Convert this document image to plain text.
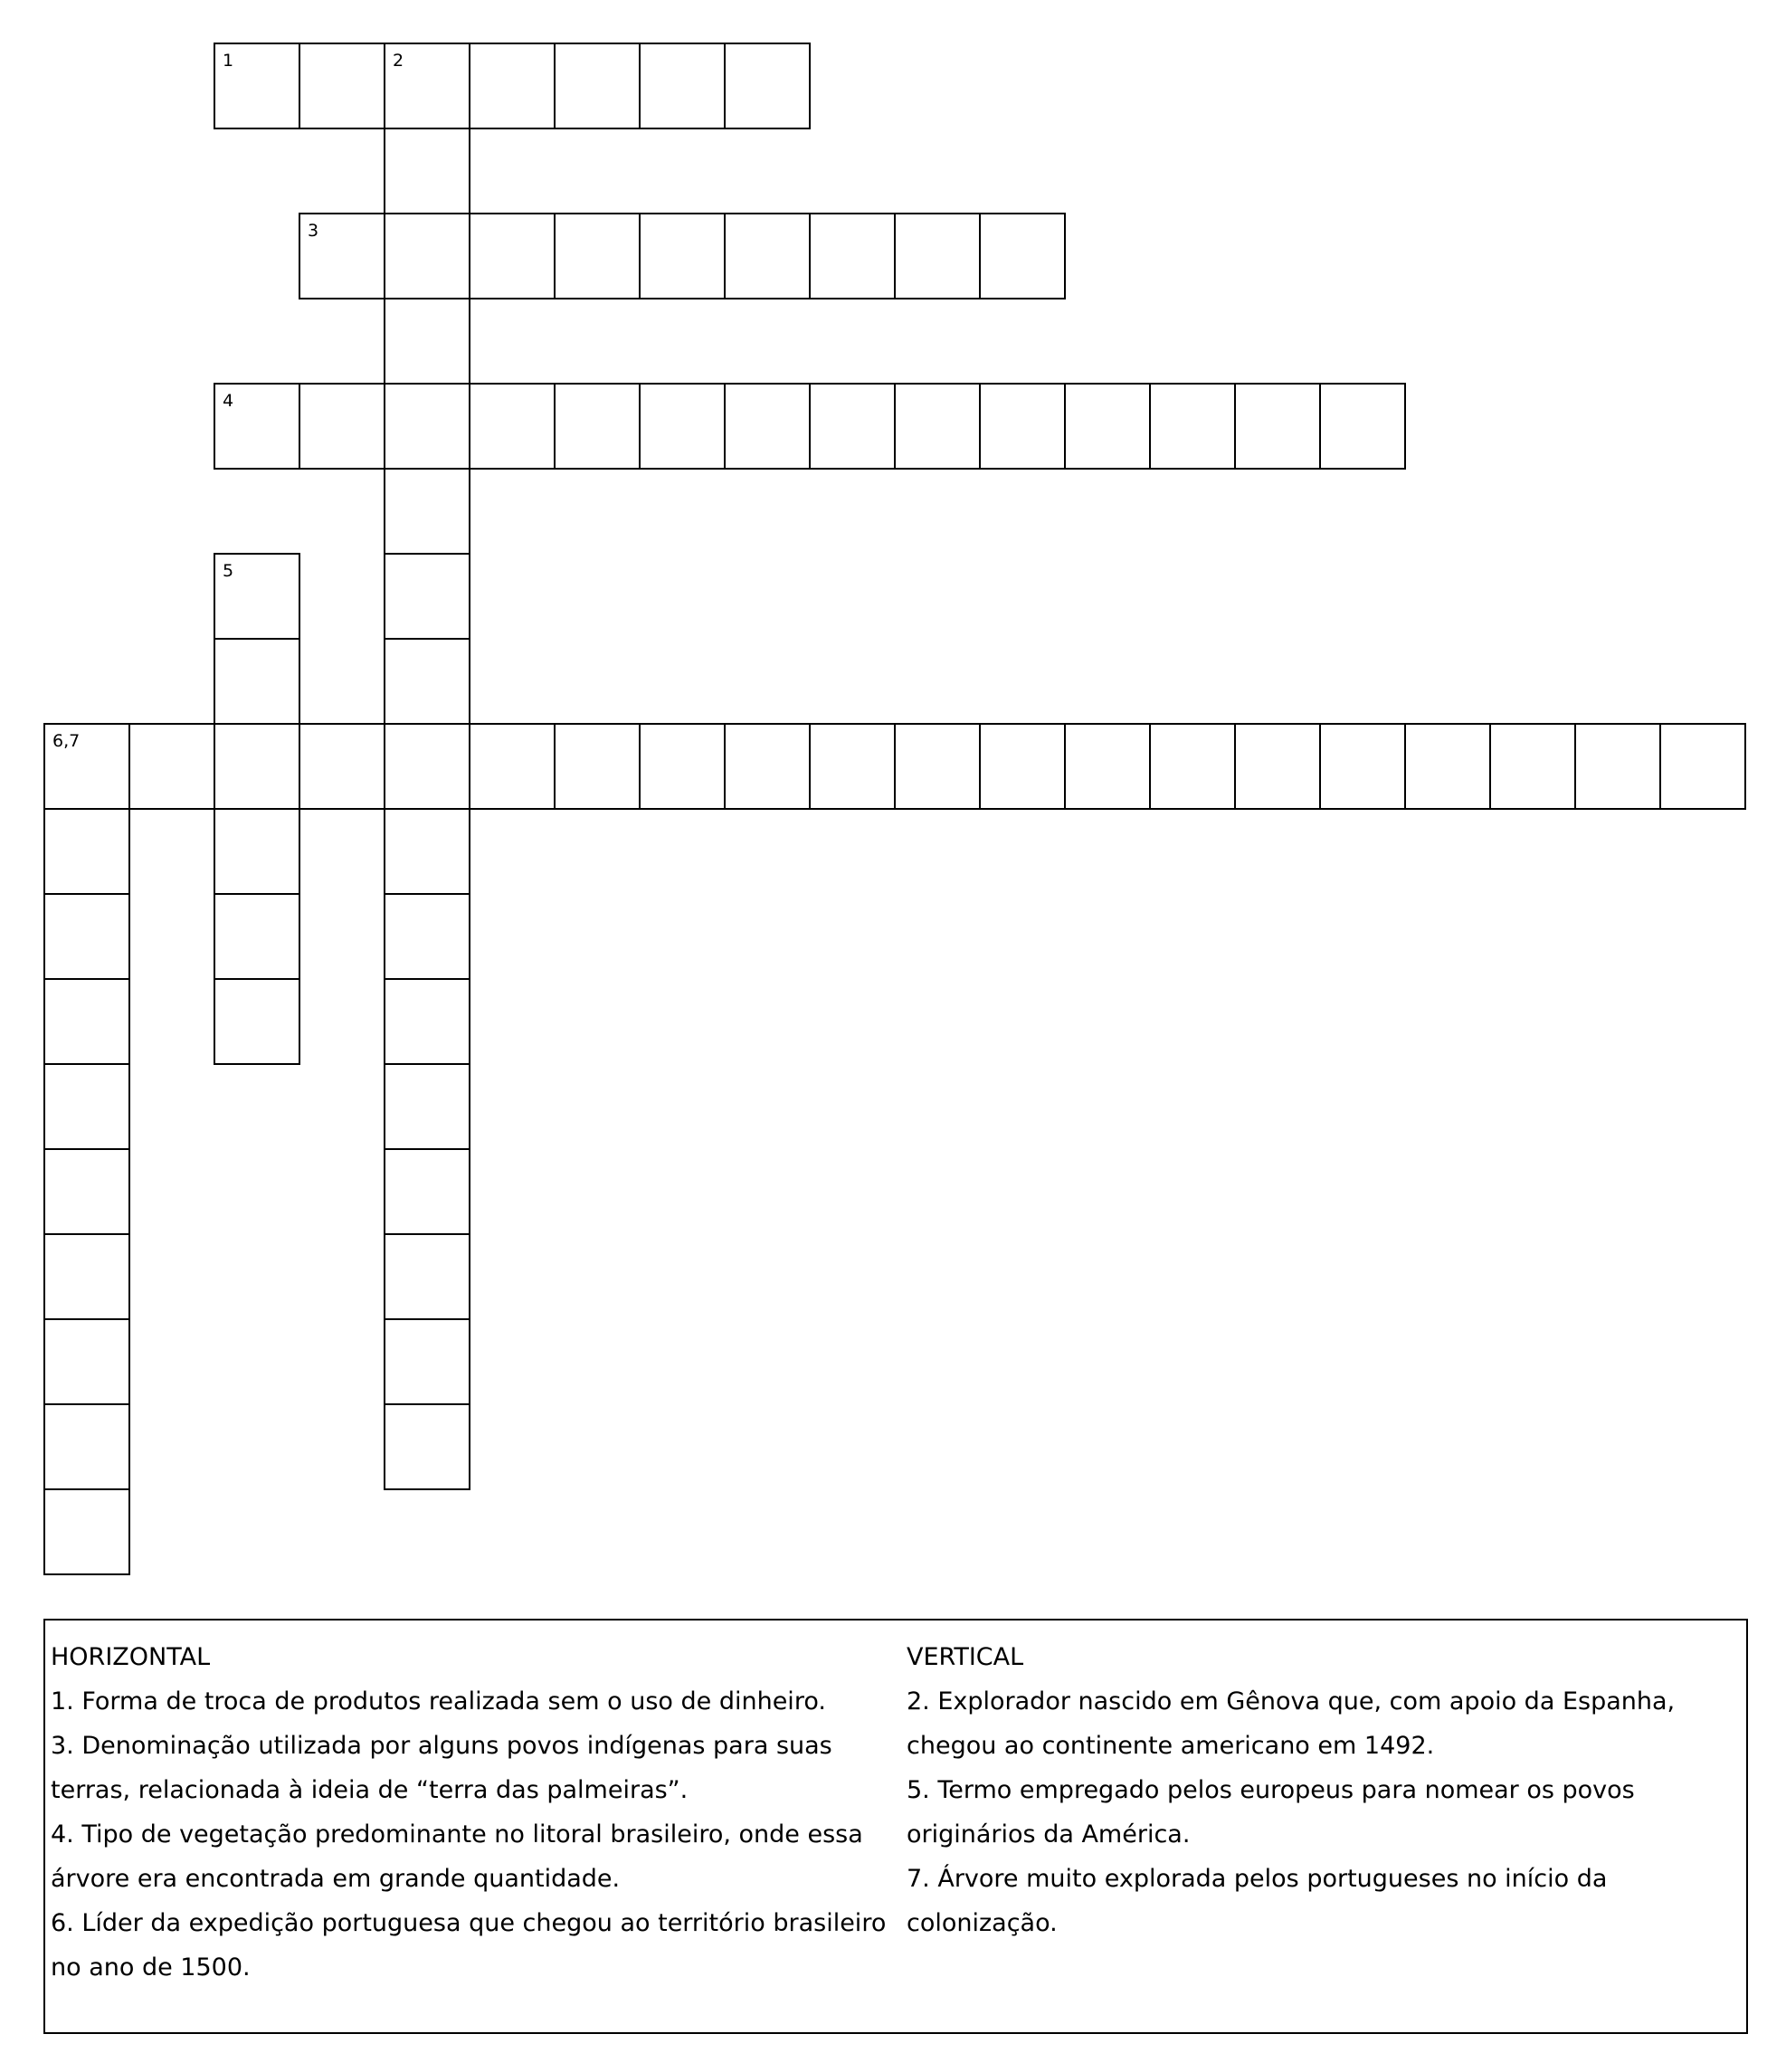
1	2
3
4
5
6,7
HORIZONTAL
1. Forma de troca de produtos realizada sem o uso de dinheiro.
3. Denominação utilizada por alguns povos indígenas para suas terras, relacionada à ideia de “terra das palmeiras”.
4. Tipo de vegetação predominante no litoral brasileiro, onde essa árvore era encontrada em grande quantidade.
6. Líder da expedição portuguesa que chegou ao território brasileiro no ano de 1500.
VERTICAL
2. Explorador nascido em Gênova que, com apoio da Espanha, chegou ao continente americano em 1492.
5. Termo empregado pelos europeus para nomear os povos originários da América.
7. Árvore muito explorada pelos portugueses no início da colonização.
